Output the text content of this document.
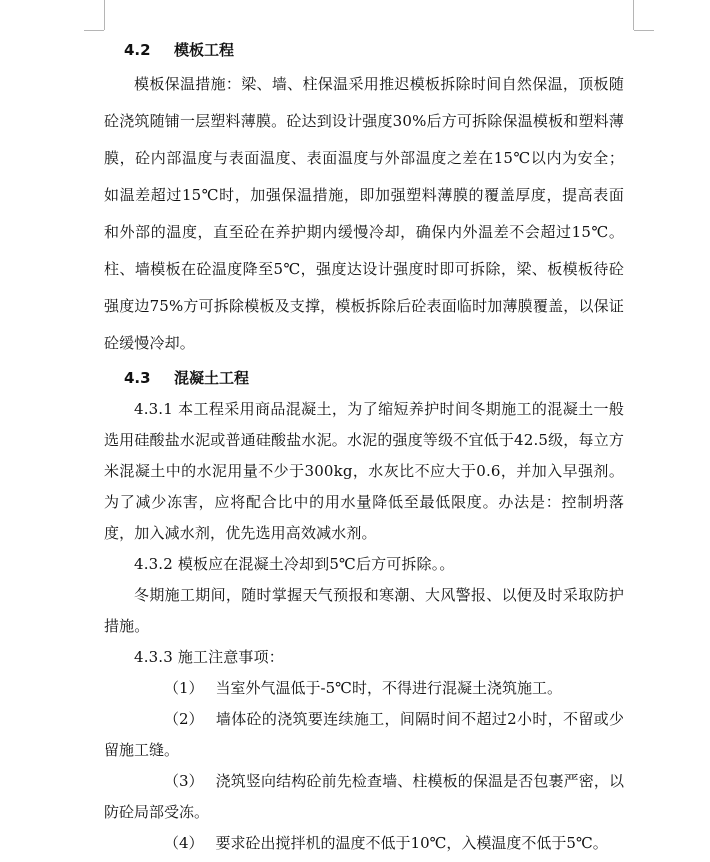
4.2 模板工程

模板保温措施：梁、墙、柱保温采用推迟模板拆除时间自然保温，顶板随砼浇筑随铺一层塑料薄膜。砼达到设计强度30%后方可拆除保温模板和塑料薄膜，砼内部温度与表面温度、表面温度与外部温度之差在15℃以内为安全；如温差超过15℃时，加强保温措施，即加强塑料薄膜的覆盖厚度，提高表面和外部的温度，直至砼在养护期内缓慢冷却，确保内外温差不会超过15℃。柱、墙模板在砼温度降至5℃，强度达设计强度时即可拆除，梁、板模板待砼强度边75%方可拆除模板及支撑，模板拆除后砼表面临时加薄膜覆盖，以保证砼缓慢冷却。

4.3 混凝土工程

4.3.1 本工程采用商品混凝土，为了缩短养护时间冬期施工的混凝土一般选用硅酸盐水泥或普通硅酸盐水泥。水泥的强度等级不宜低于42.5级，每立方米混凝土中的水泥用量不少于300kg，水灰比不应大于0.6，并加入早强剂。为了减少冻害，应将配合比中的用水量降低至最低限度。办法是：控制坍落度，加入减水剂，优先选用高效减水剂。

4.3.2 模板应在混凝土冷却到5℃后方可拆除。。

冬期施工期间，随时掌握天气预报和寒潮、大风警报、以便及时采取防护措施。

4.3.3 施工注意事项：

（1） 当室外气温低于-5℃时，不得进行混凝土浇筑施工。

（2） 墙体砼的浇筑要连续施工，间隔时间不超过2小时，不留或少留施工缝。

（3） 浇筑竖向结构砼前先检查墙、柱模板的保温是否包裹严密，以防砼局部受冻。

（4） 要求砼出搅拌机的温度不低于10℃，入模温度不低于5℃。
